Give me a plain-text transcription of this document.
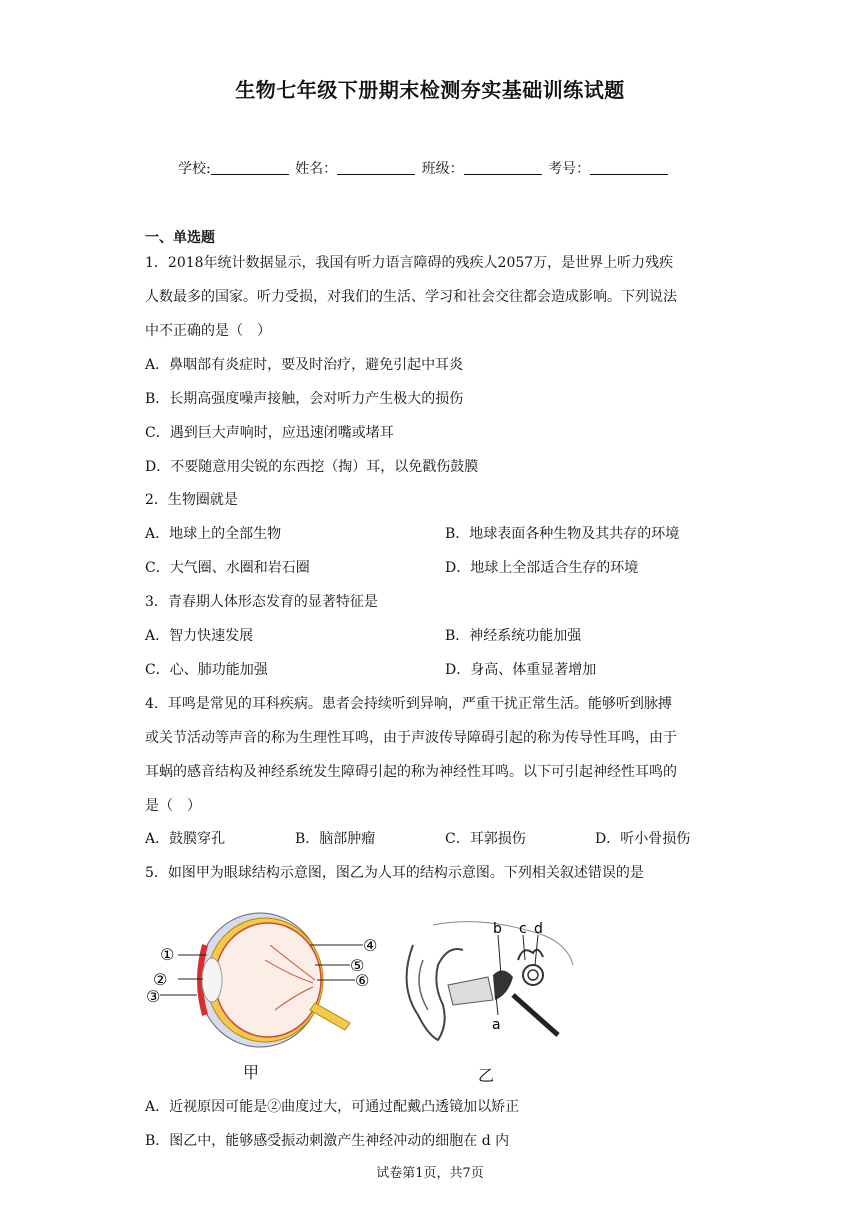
生物七年级下册期末检测夯实基础训练试题
学校:	姓名：	班级：	考号：
一、单选题
1．2018年统计数据显示，我国有听力语言障碍的残疾人2057万，是世界上听力残疾
人数最多的国家。听力受损，对我们的生活、学习和社会交往都会造成影响。下列说法
中不正确的是（　）
A．鼻咽部有炎症时，要及时治疗，避免引起中耳炎
B．长期高强度噪声接触，会对听力产生极大的损伤
C．遇到巨大声响时，应迅速闭嘴或堵耳
D．不要随意用尖锐的东西挖（掏）耳，以免戳伤鼓膜
2．生物圈就是
A．地球上的全部生物	B．地球表面各种生物及其共存的环境
C．大气圈、水圈和岩石圈	D．地球上全部适合生存的环境
3．青春期人体形态发育的显著特征是
A．智力快速发展	B．神经系统功能加强
C．心、肺功能加强	D．身高、体重显著增加
4．耳鸣是常见的耳科疾病。患者会持续听到异响，严重干扰正常生活。能够听到脉搏
或关节活动等声音的称为生理性耳鸣，由于声波传导障碍引起的称为传导性耳鸣，由于
耳蜗的感音结构及神经系统发生障碍引起的称为神经性耳鸣。以下可引起神经性耳鸣的
是（　）
A．鼓膜穿孔	B．脑部肿瘤	C．耳郭损伤	D．听小骨损伤
5．如图甲为眼球结构示意图，图乙为人耳的结构示意图。下列相关叙述错误的是
①
②
③
④
⑤
⑥
甲
b c d
a
乙
A．近视原因可能是②曲度过大，可通过配戴凸透镜加以矫正
B．图乙中，能够感受振动刺激产生神经冲动的细胞在 d 内
试卷第1页，共7页
